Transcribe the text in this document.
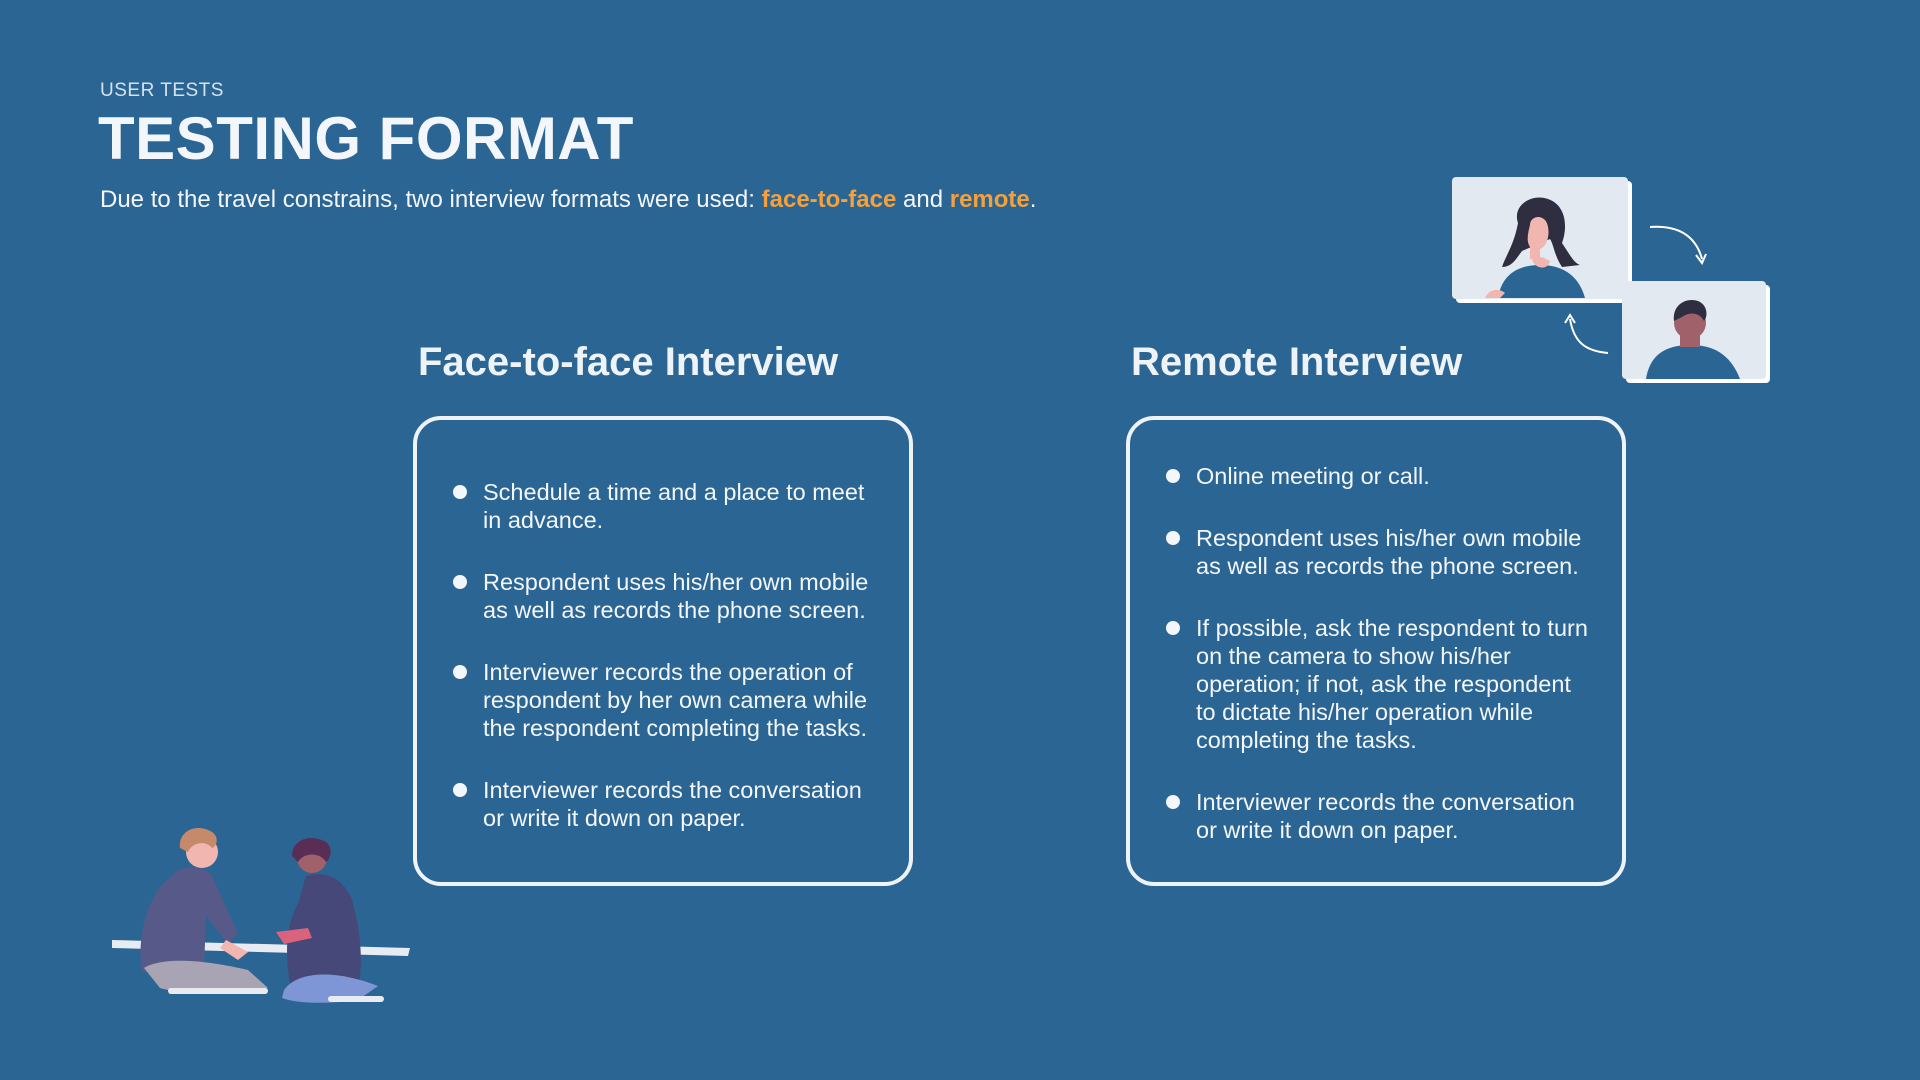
USER TESTS
TESTING FORMAT
Due to the travel constrains, two interview formats were used: face-to-face and remote.
Face-to-face Interview	Remote Interview
Schedule a time and a place to meet in advance.
Respondent uses his/her own mobile as well as records the phone screen.
Interviewer records the operation of respondent by her own camera while the respondent completing the tasks.
Interviewer records the conversation or write it down on paper.
Online meeting or call.
Respondent uses his/her own mobile as well as records the phone screen.
If possible, ask the respondent to turn on the camera to show his/her operation; if not, ask the respondent to dictate his/her operation while completing the tasks.
Interviewer records the conversation or write it down on paper.
